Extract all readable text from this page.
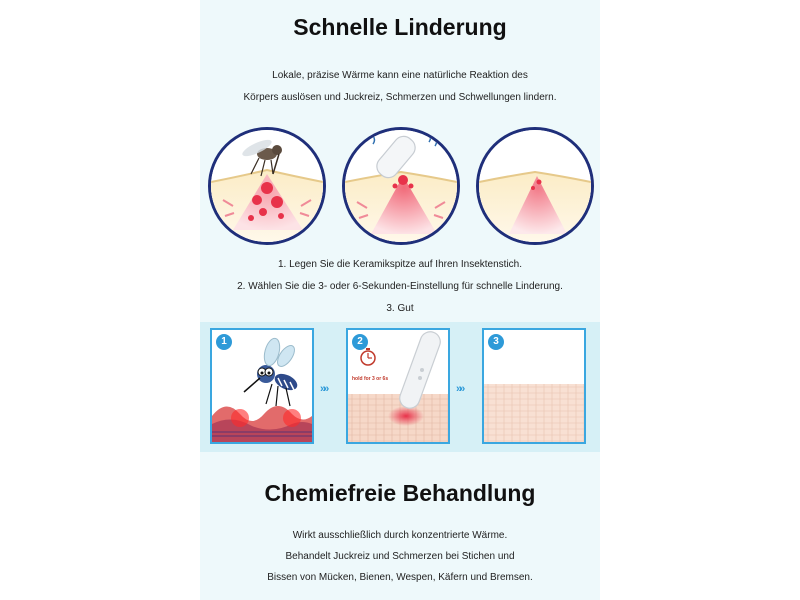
Schnelle Linderung
Lokale, präzise Wärme kann eine natürliche Reaktion des
Körpers auslösen und Juckreiz, Schmerzen und Schwellungen lindern.
1. Legen Sie die Keramikspitze auf Ihren Insektenstich.
2. Wählen Sie die 3- oder 6-Sekunden-Einstellung für schnelle Linderung.
3. Gut
1
»»
2
hold for 3 or 6s
»»
3
Chemiefreie Behandlung
Wirkt ausschließlich durch konzentrierte Wärme.
Behandelt Juckreiz und Schmerzen bei Stichen und
Bissen von Mücken, Bienen, Wespen, Käfern und Bremsen.
